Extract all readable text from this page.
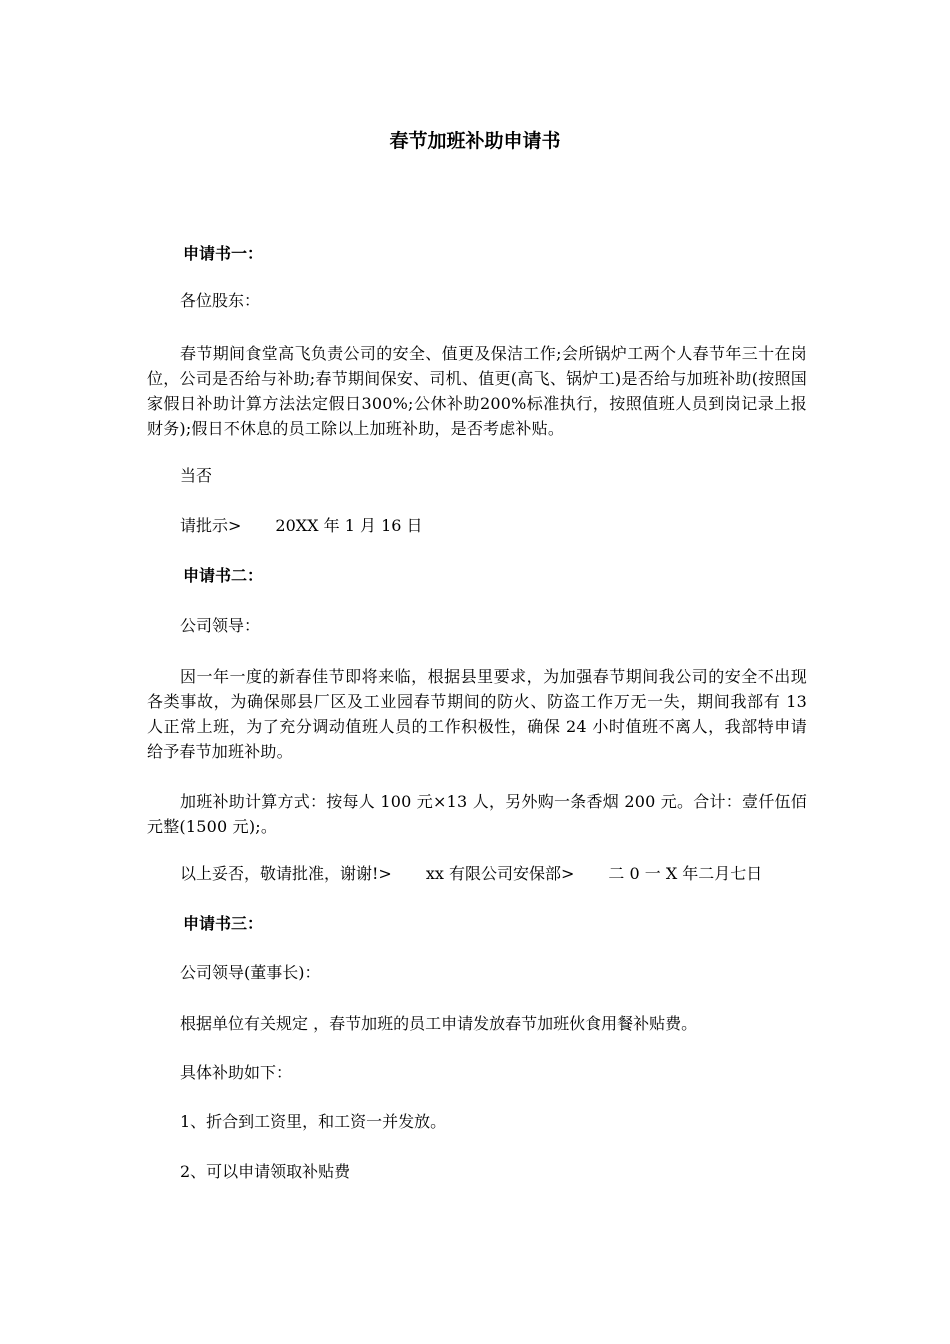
春节加班补助申请书

申请书一：

各位股东：

春节期间食堂高飞负责公司的安全、值更及保洁工作;会所锅炉工两个人春节年三十在岗位，公司是否给与补助;春节期间保安、司机、值更(高飞、锅炉工)是否给与加班补助(按照国家假日补助计算方法法定假日300%;公休补助200%标准执行，按照值班人员到岗记录上报财务);假日不休息的员工除以上加班补助，是否考虑补贴。

当否

请批示> 20XX 年 1 月 16 日

申请书二：

公司领导：

因一年一度的新春佳节即将来临，根据县里要求，为加强春节期间我公司的安全不出现各类事故，为确保郧县厂区及工业园春节期间的防火、防盗工作万无一失，期间我部有 13 人正常上班，为了充分调动值班人员的工作积极性，确保 24 小时值班不离人，我部特申请给予春节加班补助。

加班补助计算方式：按每人 100 元×13 人，另外购一条香烟 200 元。合计：壹仟伍佰元整(1500 元);。

以上妥否，敬请批准，谢谢!> xx 有限公司安保部> 二 0 一 X 年二月七日

申请书三：

公司领导(董事长)：

根据单位有关规定 ，春节加班的员工申请发放春节加班伙食用餐补贴费。

具体补助如下：

1、折合到工资里，和工资一并发放。

2、可以申请领取补贴费
